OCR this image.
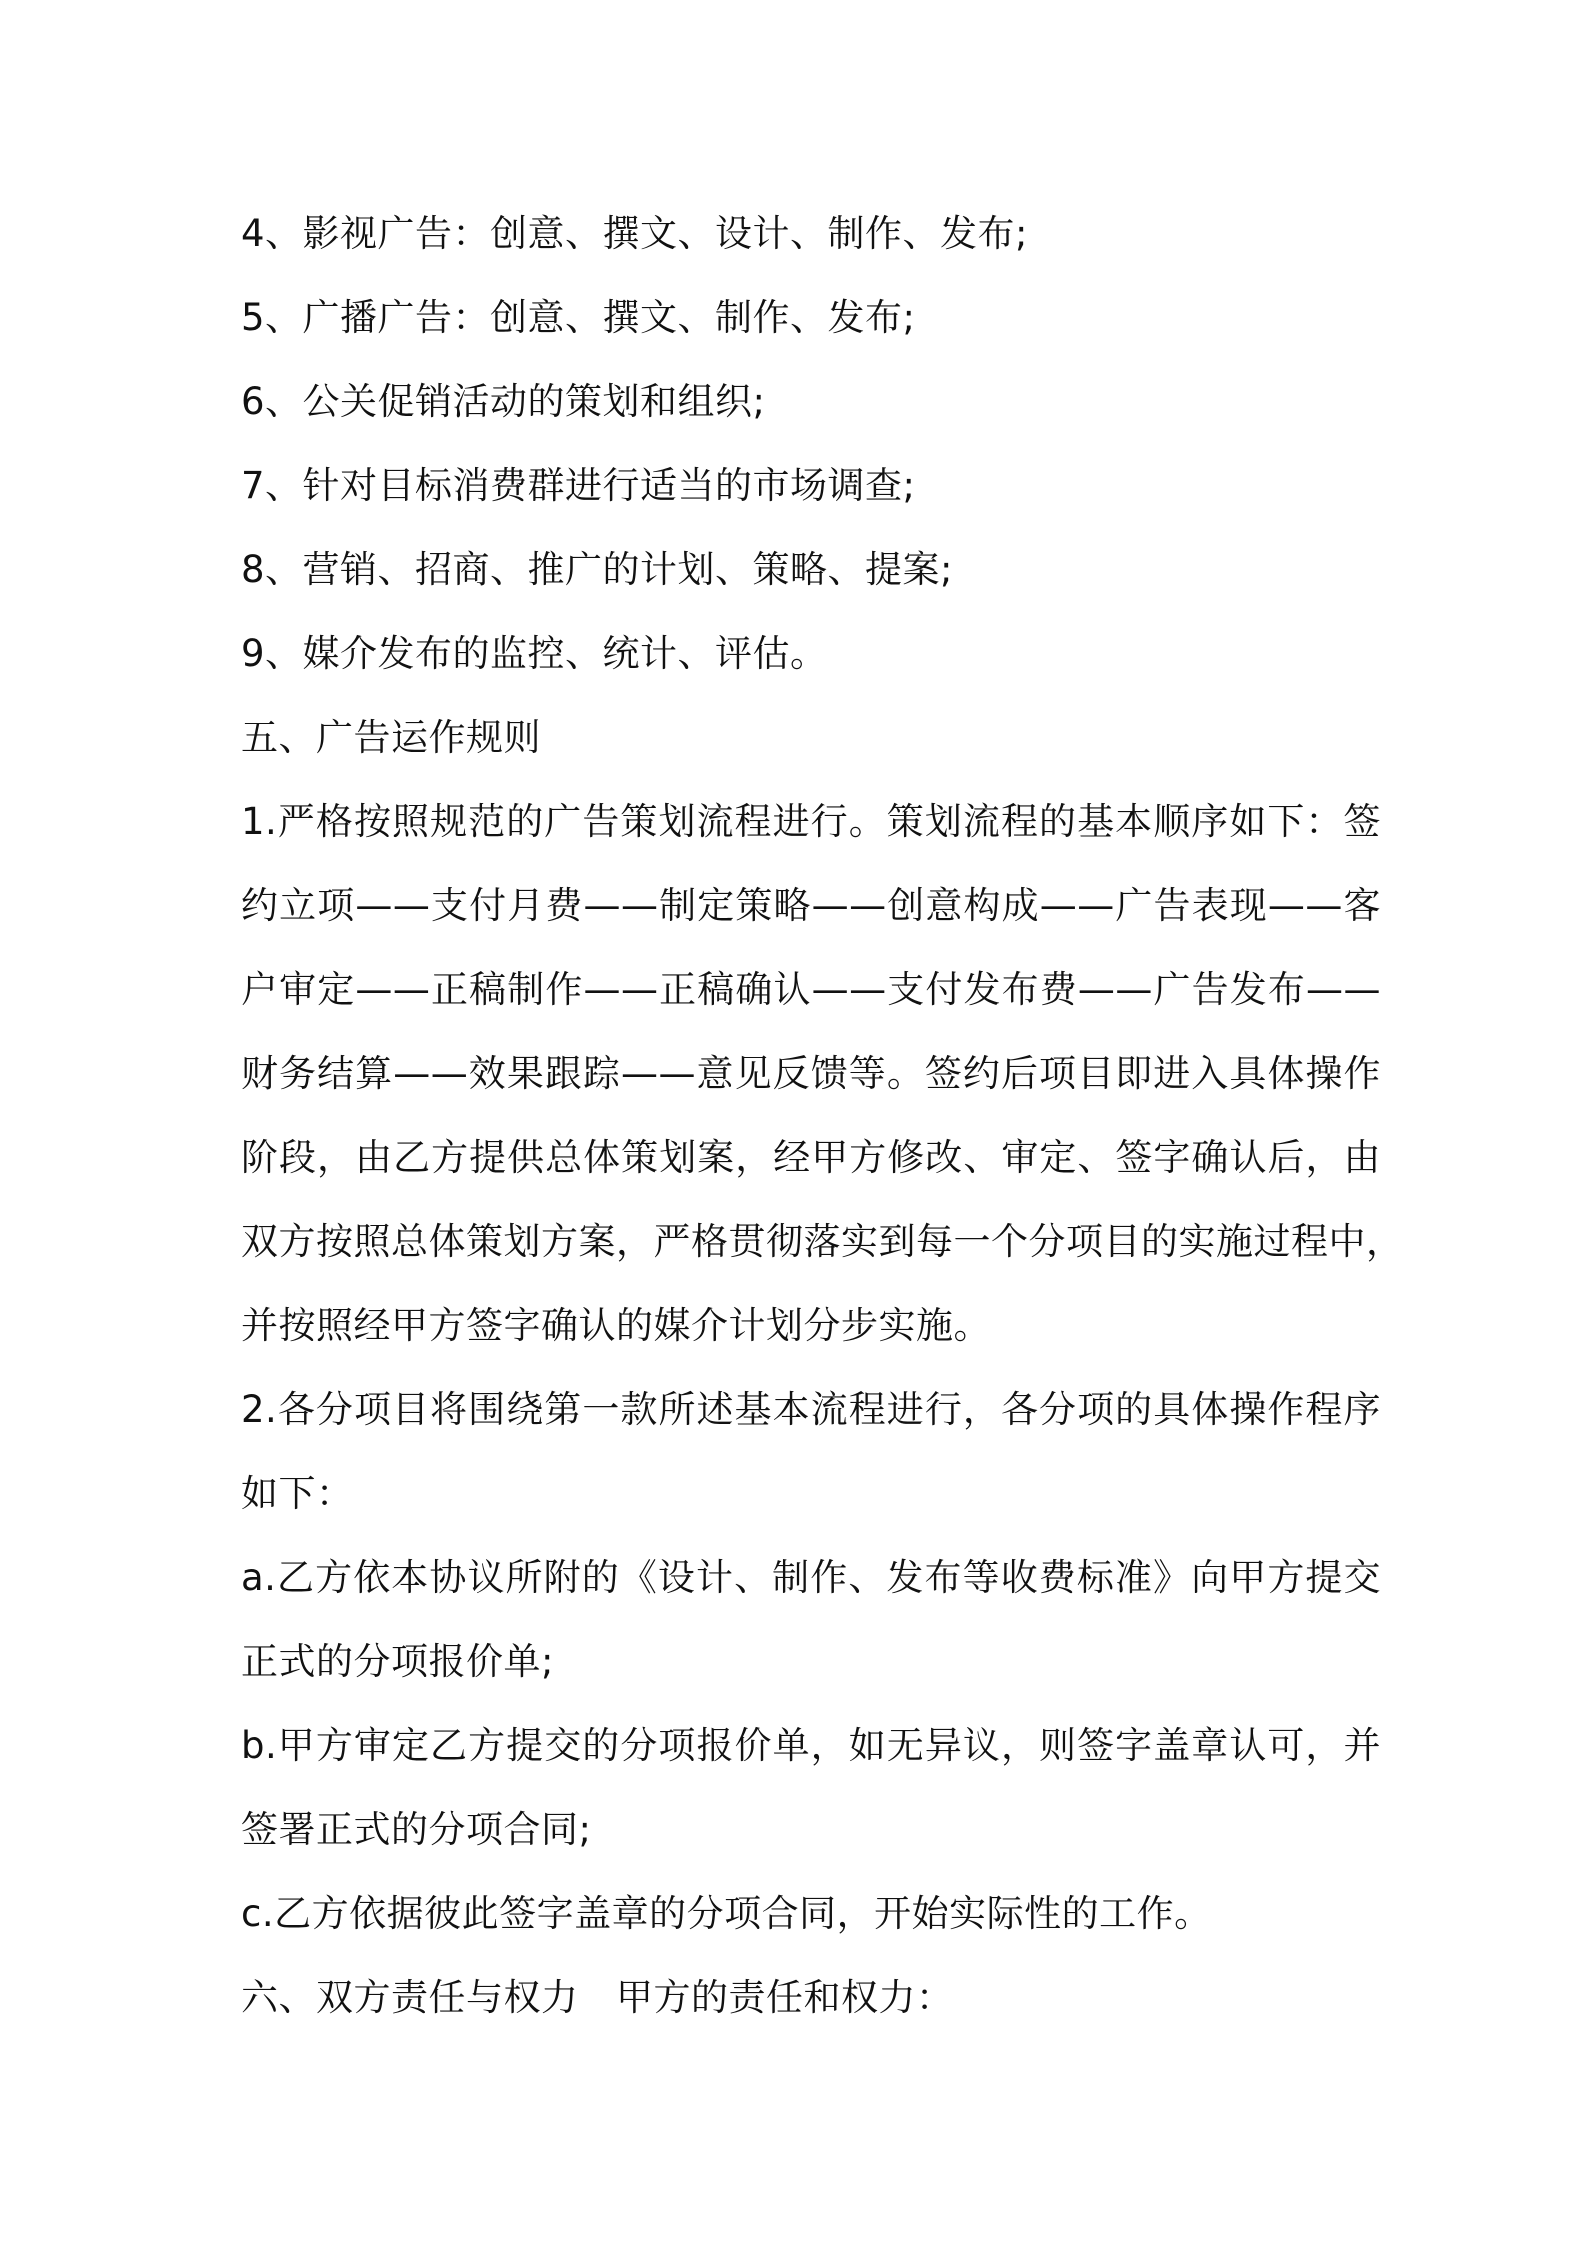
4、影视广告：创意、撰文、设计、制作、发布;
5、广播广告：创意、撰文、制作、发布;
6、公关促销活动的策划和组织;
7、针对目标消费群进行适当的市场调查;
8、营销、招商、推广的计划、策略、提案;
9、媒介发布的监控、统计、评估。
五、广告运作规则
1.严格按照规范的广告策划流程进行。策划流程的基本顺序如下：签
约立项——支付月费——制定策略——创意构成——广告表现——客
户审定——正稿制作——正稿确认——支付发布费——广告发布——
财务结算——效果跟踪——意见反馈等。签约后项目即进入具体操作
阶段，由乙方提供总体策划案，经甲方修改、审定、签字确认后，由
双方按照总体策划方案，严格贯彻落实到每一个分项目的实施过程中，
并按照经甲方签字确认的媒介计划分步实施。
2.各分项目将围绕第一款所述基本流程进行，各分项的具体操作程序
如下：
a.乙方依本协议所附的《设计、制作、发布等收费标准》向甲方提交
正式的分项报价单;
b.甲方审定乙方提交的分项报价单，如无异议，则签字盖章认可，并
签署正式的分项合同;
c.乙方依据彼此签字盖章的分项合同，开始实际性的工作。
六、双方责任与权力　甲方的责任和权力：
